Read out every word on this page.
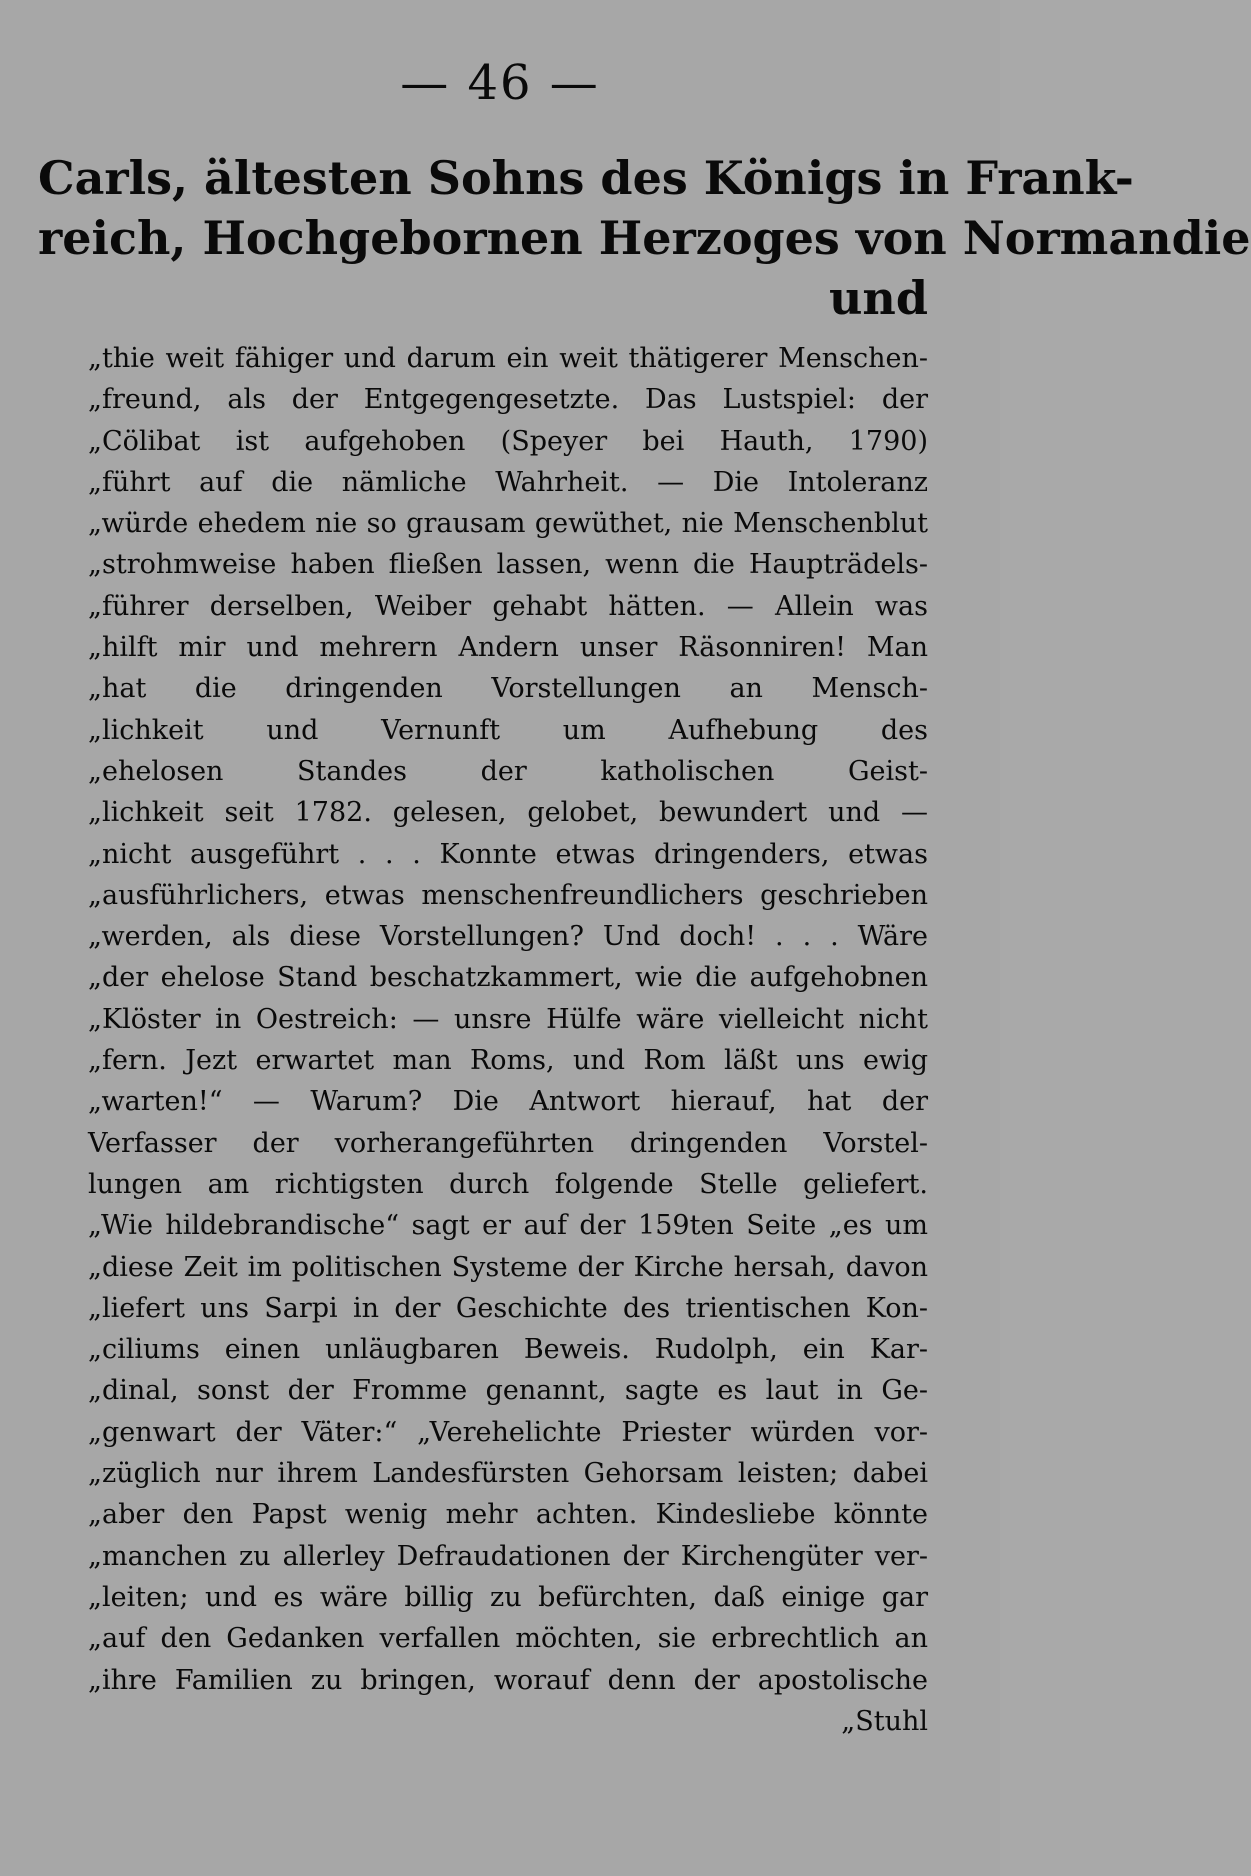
— 46 —
Carls, ältesten Sohns des Königs in Frank-
reich, Hochgebornen Herzoges von Normandie
und
„thie weit fähiger und darum ein weit thätigerer Menschen-
„freund, als der Entgegengesetzte. Das Lustspiel: der
„Cölibat ist aufgehoben (Speyer bei Hauth, 1790)
„führt auf die nämliche Wahrheit. — Die Intoleranz
„würde ehedem nie so grausam gewüthet, nie Menschenblut
„strohmweise haben fließen lassen, wenn die Haupträdels-
„führer derselben, Weiber gehabt hätten. — Allein was
„hilft mir und mehrern Andern unser Räsonniren! Man
„hat die dringenden Vorstellungen an Mensch-
„lichkeit und Vernunft um Aufhebung des
„ehelosen Standes der katholischen Geist-
„lichkeit seit 1782. gelesen, gelobet, bewundert und —
„nicht ausgeführt . . . Konnte etwas dringenders, etwas
„ausführlichers, etwas menschenfreundlichers geschrieben
„werden, als diese Vorstellungen? Und doch! . . . Wäre
„der ehelose Stand beschatzkammert, wie die aufgehobnen
„Klöster in Oestreich: — unsre Hülfe wäre vielleicht nicht
„fern. Jezt erwartet man Roms, und Rom läßt uns ewig
„warten!“ — Warum? Die Antwort hierauf, hat der
Verfasser der vorherangeführten dringenden Vorstel-
lungen am richtigsten durch folgende Stelle geliefert.
„Wie hildebrandische“ sagt er auf der 159ten Seite „es um
„diese Zeit im politischen Systeme der Kirche hersah, davon
„liefert uns Sarpi in der Geschichte des trientischen Kon-
„ciliums einen unläugbaren Beweis. Rudolph, ein Kar-
„dinal, sonst der Fromme genannt, sagte es laut in Ge-
„genwart der Väter:“ „Verehelichte Priester würden vor-
„züglich nur ihrem Landesfürsten Gehorsam leisten; dabei
„aber den Papst wenig mehr achten. Kindesliebe könnte
„manchen zu allerley Defraudationen der Kirchengüter ver-
„leiten; und es wäre billig zu befürchten, daß einige gar
„auf den Gedanken verfallen möchten, sie erbrechtlich an
„ihre Familien zu bringen, worauf denn der apostolische
„Stuhl
